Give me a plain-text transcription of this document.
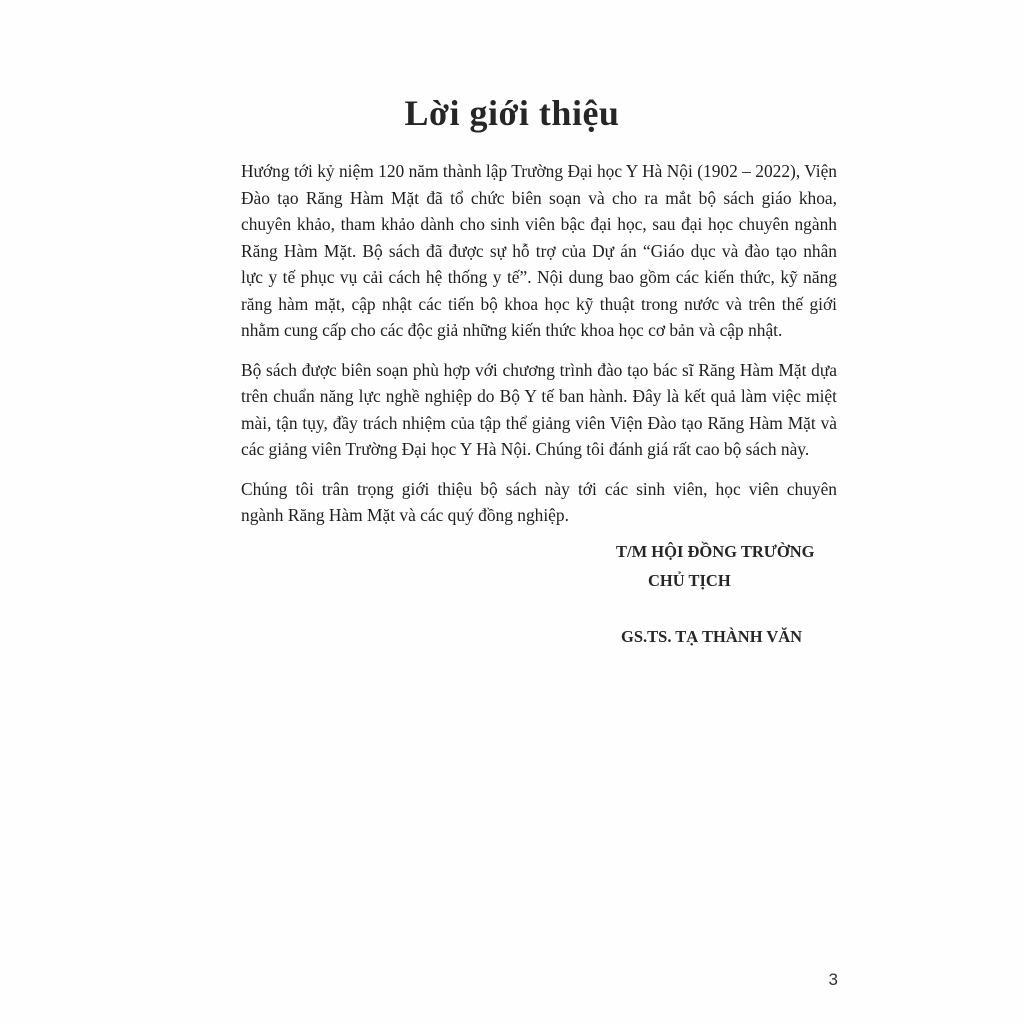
Lời giới thiệu

Hướng tới kỷ niệm 120 năm thành lập Trường Đại học Y Hà Nội (1902 – 2022), Viện
Đào tạo Răng Hàm Mặt đã tổ chức biên soạn và cho ra mắt bộ sách giáo khoa,
chuyên khảo, tham khảo dành cho sinh viên bậc đại học, sau đại học chuyên ngành
Răng Hàm Mặt. Bộ sách đã được sự hỗ trợ của Dự án “Giáo dục và đào tạo nhân
lực y tế phục vụ cải cách hệ thống y tế”. Nội dung bao gồm các kiến thức, kỹ năng
răng hàm mặt, cập nhật các tiến bộ khoa học kỹ thuật trong nước và trên thế giới
nhằm cung cấp cho các độc giả những kiến thức khoa học cơ bản và cập nhật.

Bộ sách được biên soạn phù hợp với chương trình đào tạo bác sĩ Răng Hàm Mặt dựa
trên chuẩn năng lực nghề nghiệp do Bộ Y tế ban hành. Đây là kết quả làm việc miệt
mài, tận tụy, đầy trách nhiệm của tập thể giảng viên Viện Đào tạo Răng Hàm Mặt và
các giảng viên Trường Đại học Y Hà Nội. Chúng tôi đánh giá rất cao bộ sách này.

Chúng tôi trân trọng giới thiệu bộ sách này tới các sinh viên, học viên chuyên
ngành Răng Hàm Mặt và các quý đồng nghiệp.

T/M HỘI ĐỒNG TRƯỜNG
CHỦ TỊCH
GS.TS. TẠ THÀNH VĂN
3
